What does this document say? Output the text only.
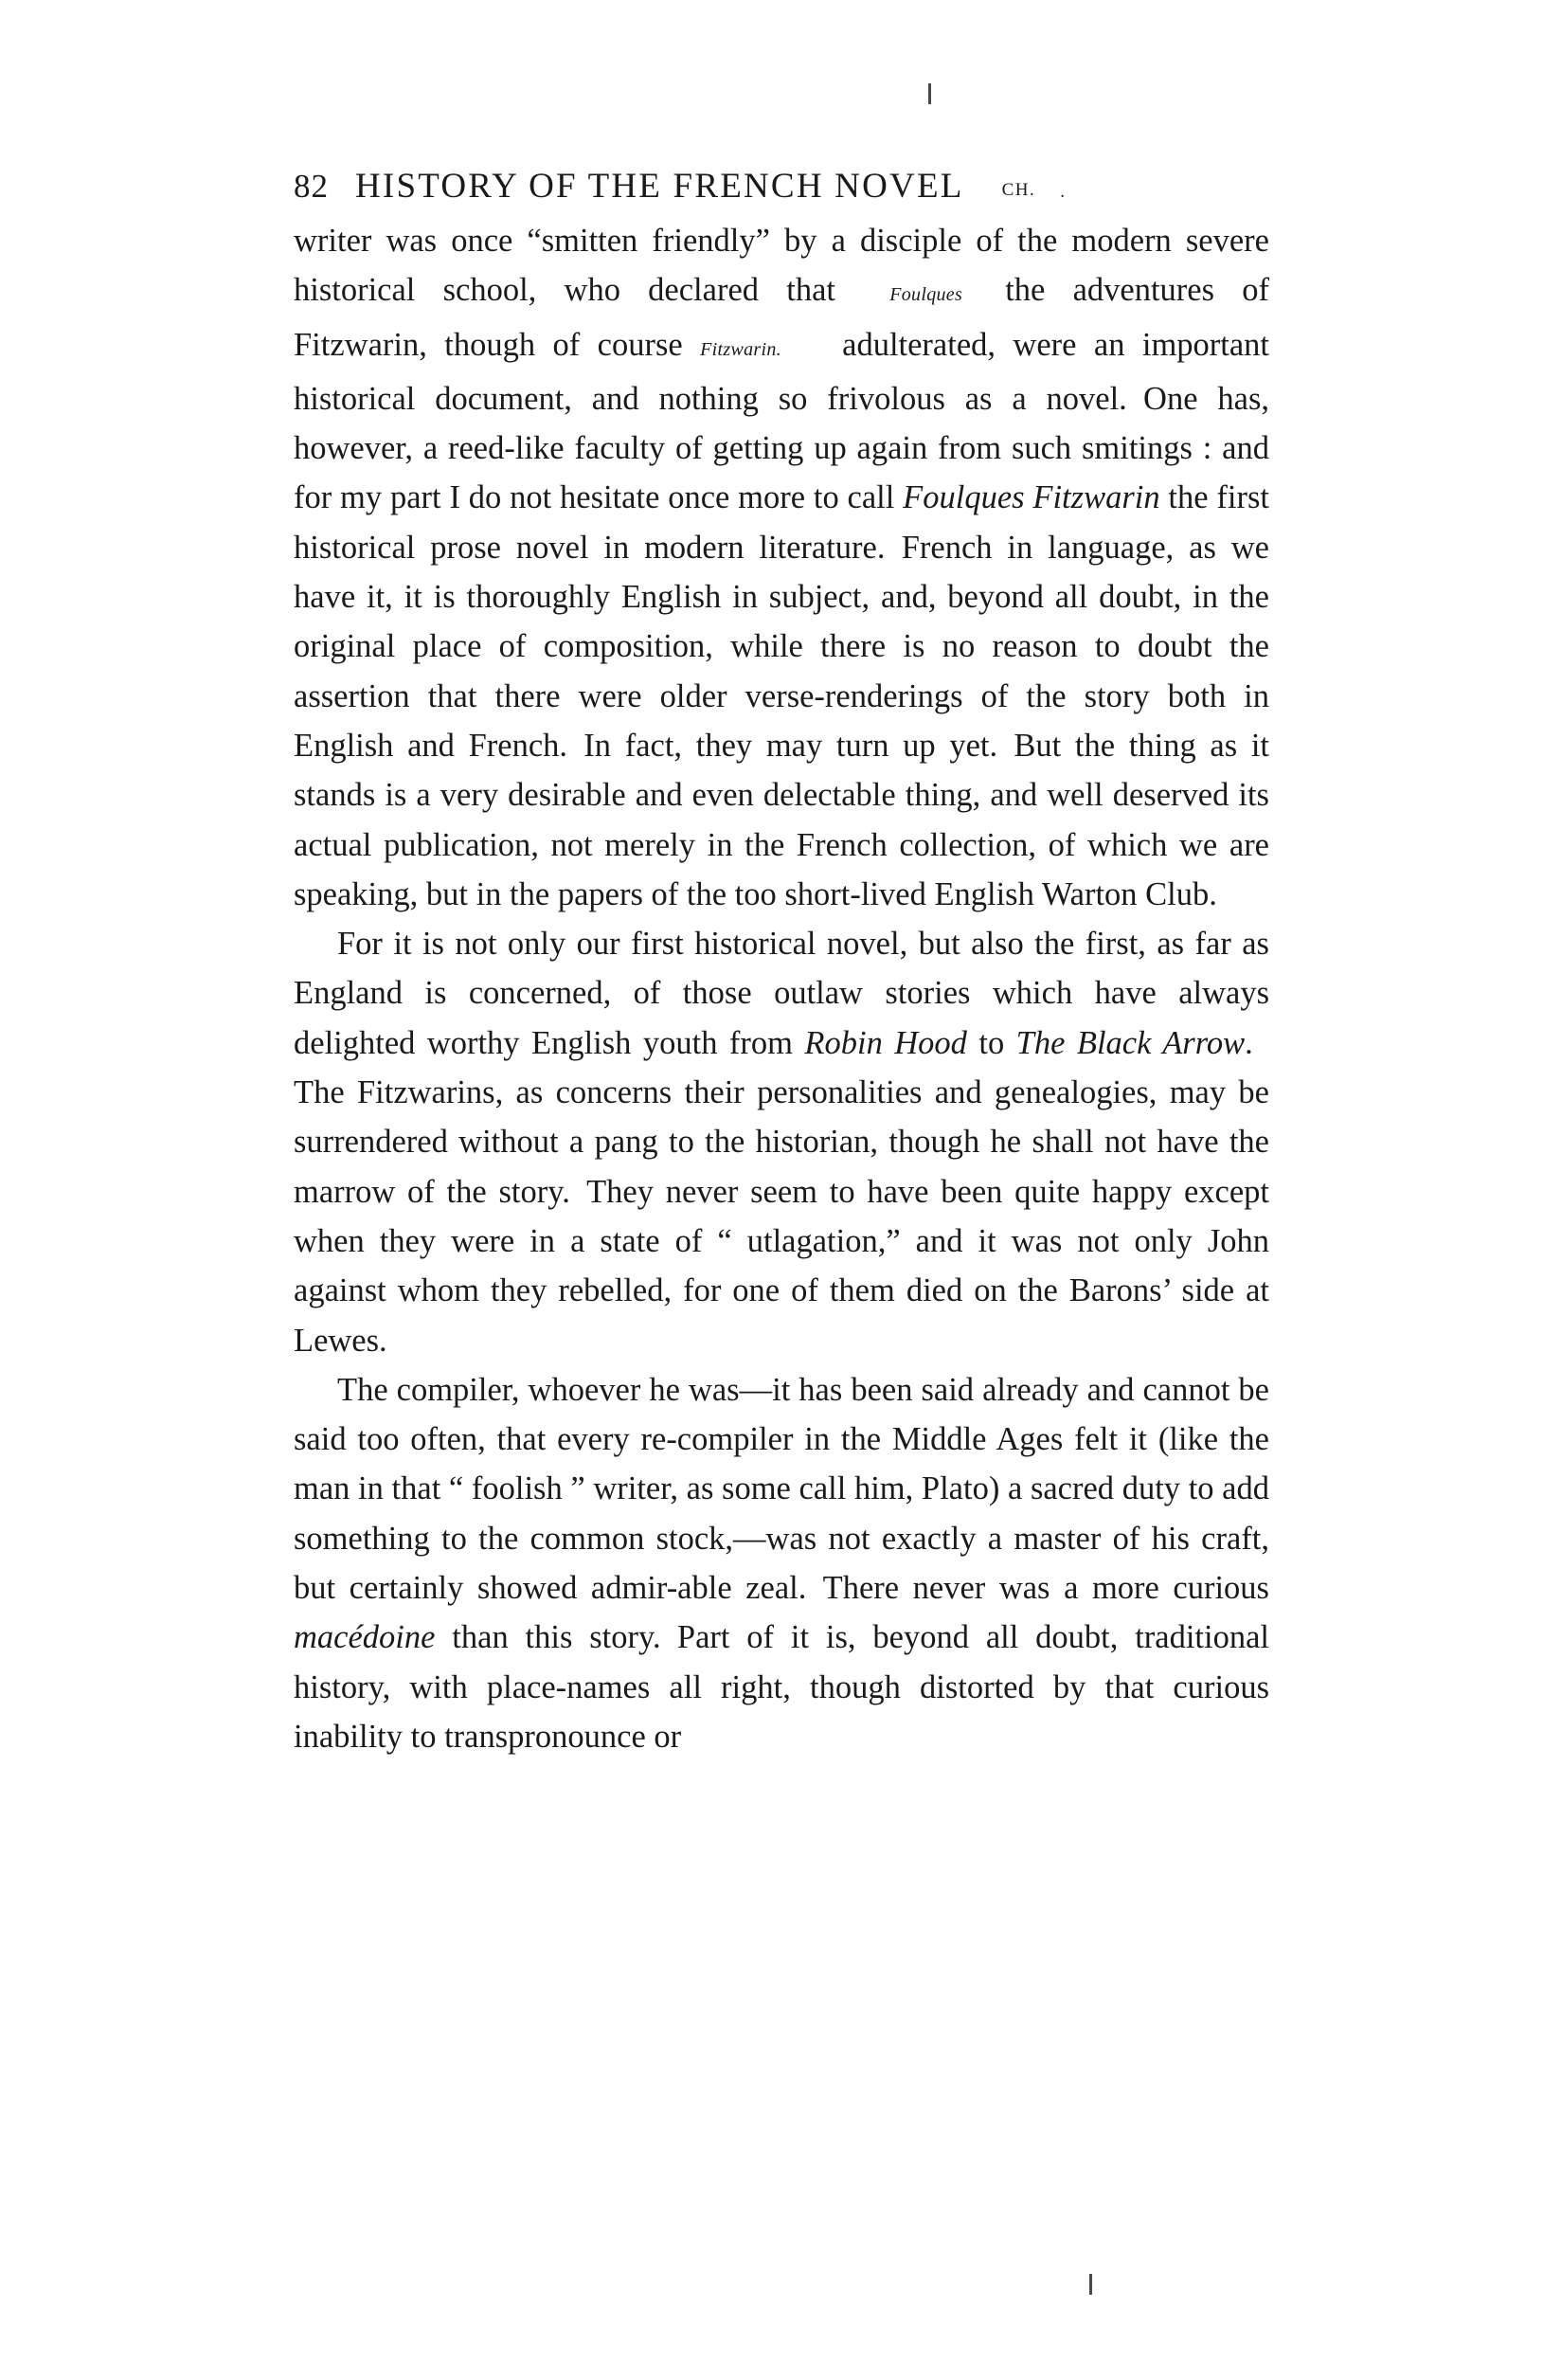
82 HISTORY OF THE FRENCH NOVEL CH. .

writer was once “smitten friendly” by a disciple of the modern severe historical school, who declared that	Foulques the adventures of Fitzwarin, though of course Fitzwarin. adulterated, were an important historical document, and nothing so frivolous as a novel. One has, however, a reed-like faculty of getting up again from such smitings : and for my part I do not hesitate once more to call Foulques Fitzwarin the first historical prose novel in modern literature. French in language, as we have it, it is thoroughly English in subject, and, beyond all doubt, in the original place of composition, while there is no reason to doubt the assertion that there were older verse-renderings of the story both in English and French. In fact, they may turn up yet. But the thing as it stands is a very desirable and even delectable thing, and well deserved its actual publication, not merely in the French collection, of which we are speaking, but in the papers of the too short-lived English Warton Club.

For it is not only our first historical novel, but also the first, as far as England is concerned, of those outlaw stories which have always delighted worthy English youth from Robin Hood to The Black Arrow. The Fitzwarins, as concerns their personalities and genealogies, may be surrendered without a pang to the historian, though he shall not have the marrow of the story. They never seem to have been quite happy except when they were in a state of “ utlagation,” and it was not only John against whom they rebelled, for one of them died on the Barons’ side at Lewes.

The compiler, whoever he was—it has been said already and cannot be said too often, that every re-compiler in the Middle Ages felt it (like the man in that “ foolish ” writer, as some call him, Plato) a sacred duty to add something to the common stock,—was not exactly a master of his craft, but certainly showed admir-able zeal. There never was a more curious macédoine than this story. Part of it is, beyond all doubt, traditional history, with place-names all right, though distorted by that curious inability to transpronounce or
